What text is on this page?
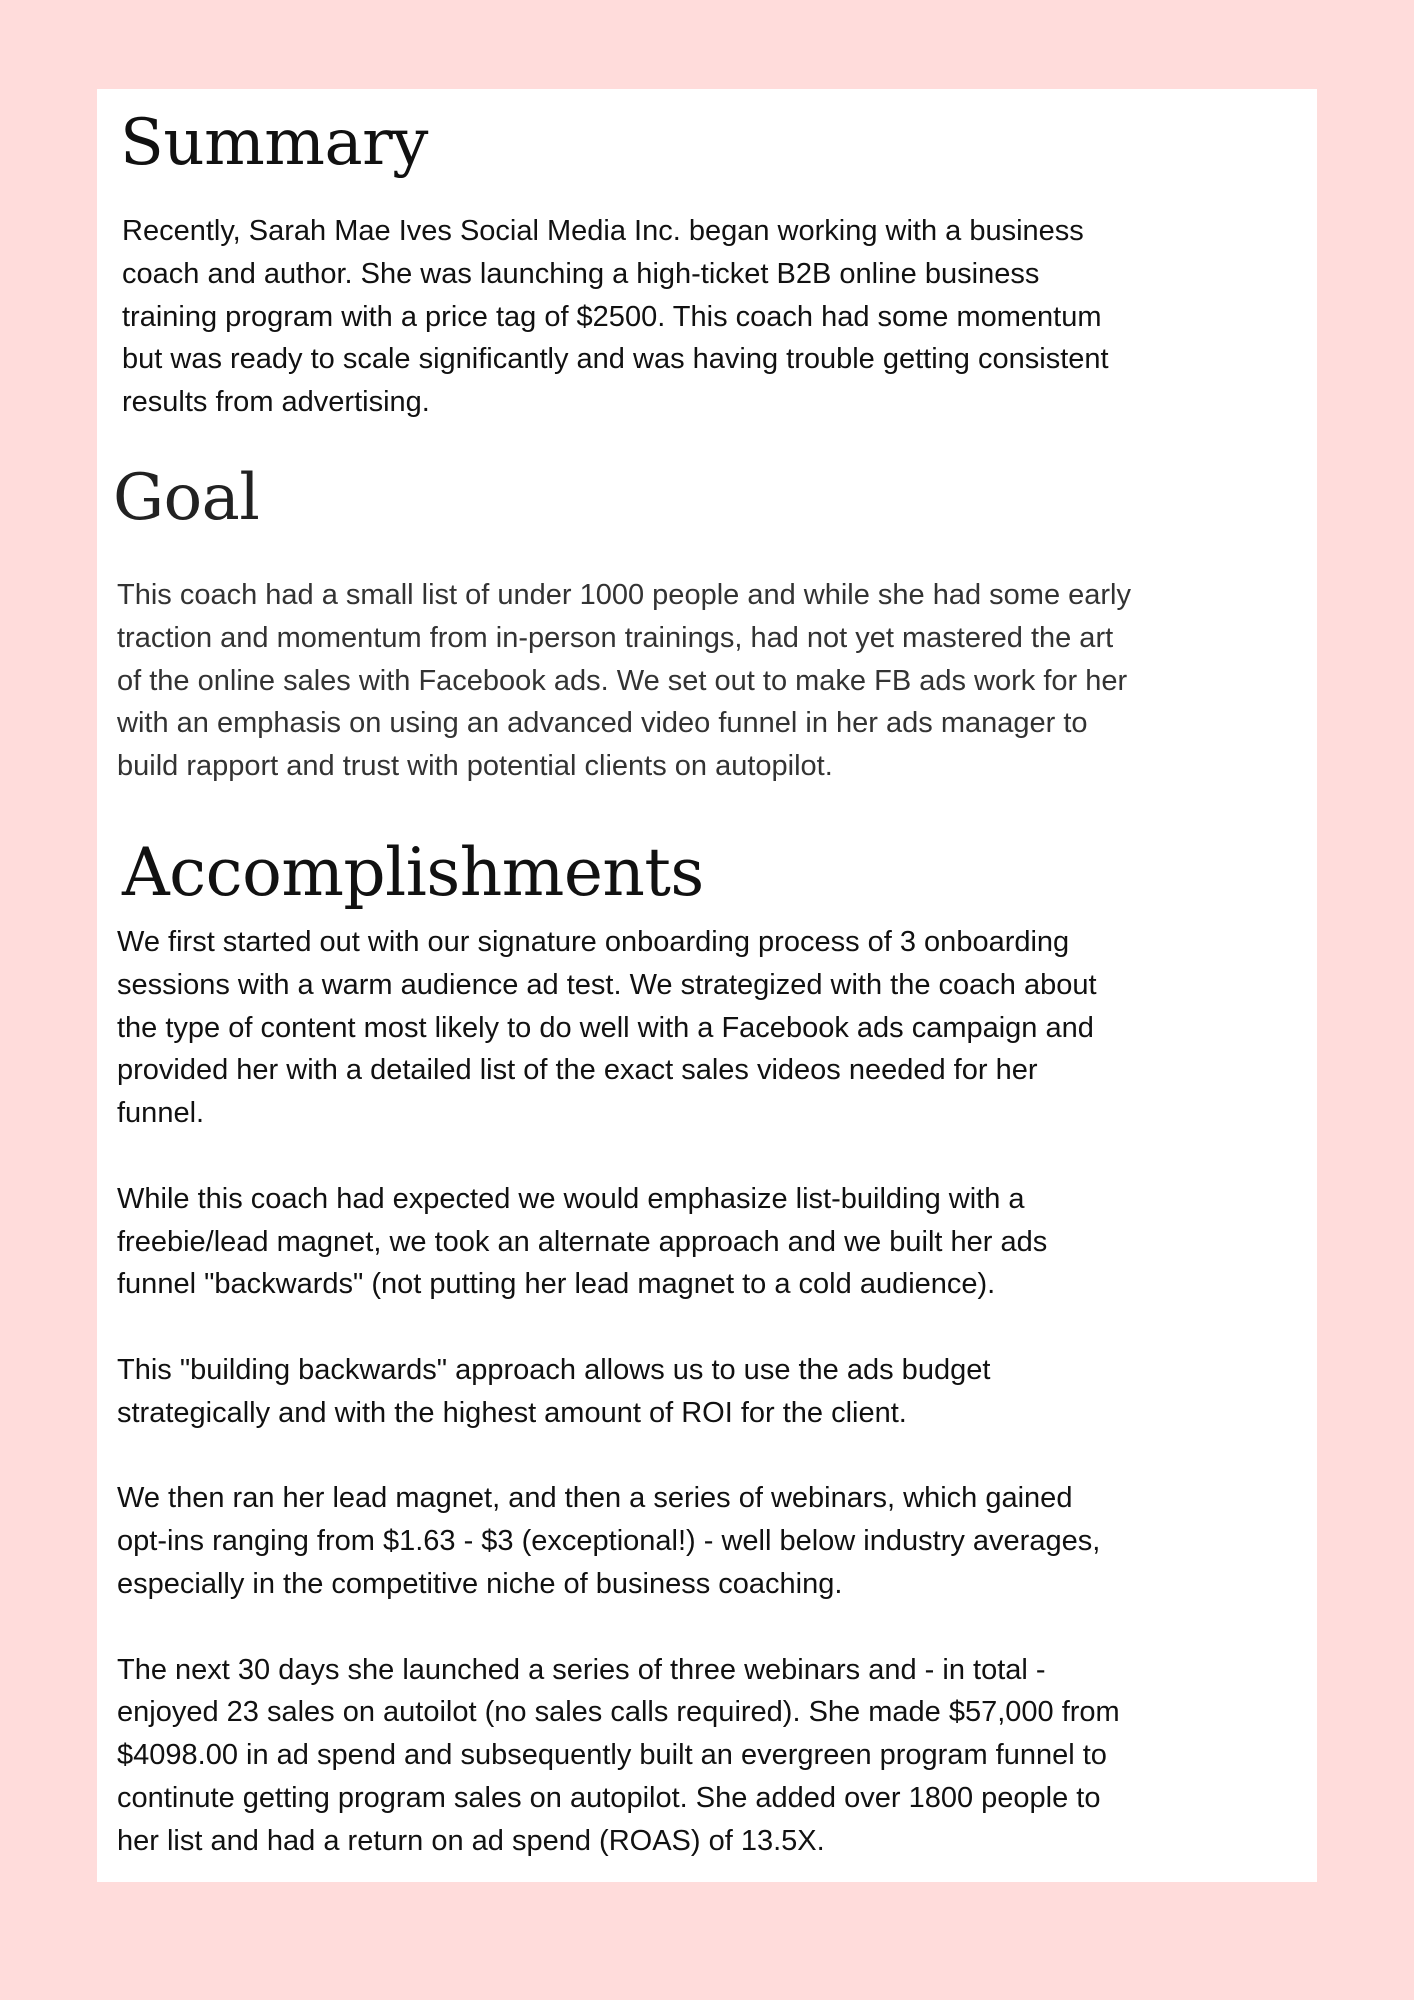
Summary
Recently, Sarah Mae Ives Social Media Inc. began working with a business
coach and author. She was launching a high-ticket B2B online business
training program with a price tag of $2500. This coach had some momentum
but was ready to scale significantly and was having trouble getting consistent
results from advertising.
Goal
This coach had a small list of under 1000 people and while she had some early
traction and momentum from in-person trainings, had not yet mastered the art
of the online sales with Facebook ads. We set out to make FB ads work for her
with an emphasis on using an advanced video funnel in her ads manager to
build rapport and trust with potential clients on autopilot.
Accomplishments
We first started out with our signature onboarding process of 3 onboarding
sessions with a warm audience ad test. We strategized with the coach about
the type of content most likely to do well with a Facebook ads campaign and
provided her with a detailed list of the exact sales videos needed for her
funnel.
While this coach had expected we would emphasize list-building with a
freebie/lead magnet, we took an alternate approach and we built her ads
funnel "backwards" (not putting her lead magnet to a cold audience).
This "building backwards" approach allows us to use the ads budget
strategically and with the highest amount of ROI for the client.
We then ran her lead magnet, and then a series of webinars, which gained
opt-ins ranging from $1.63 - $3 (exceptional!) - well below industry averages,
especially in the competitive niche of business coaching.
The next 30 days she launched a series of three webinars and - in total -
enjoyed 23 sales on autoilot (no sales calls required). She made $57,000 from
$4098.00 in ad spend and subsequently built an evergreen program funnel to
continute getting program sales on autopilot. She added over 1800 people to
her list and had a return on ad spend (ROAS) of 13.5X.
